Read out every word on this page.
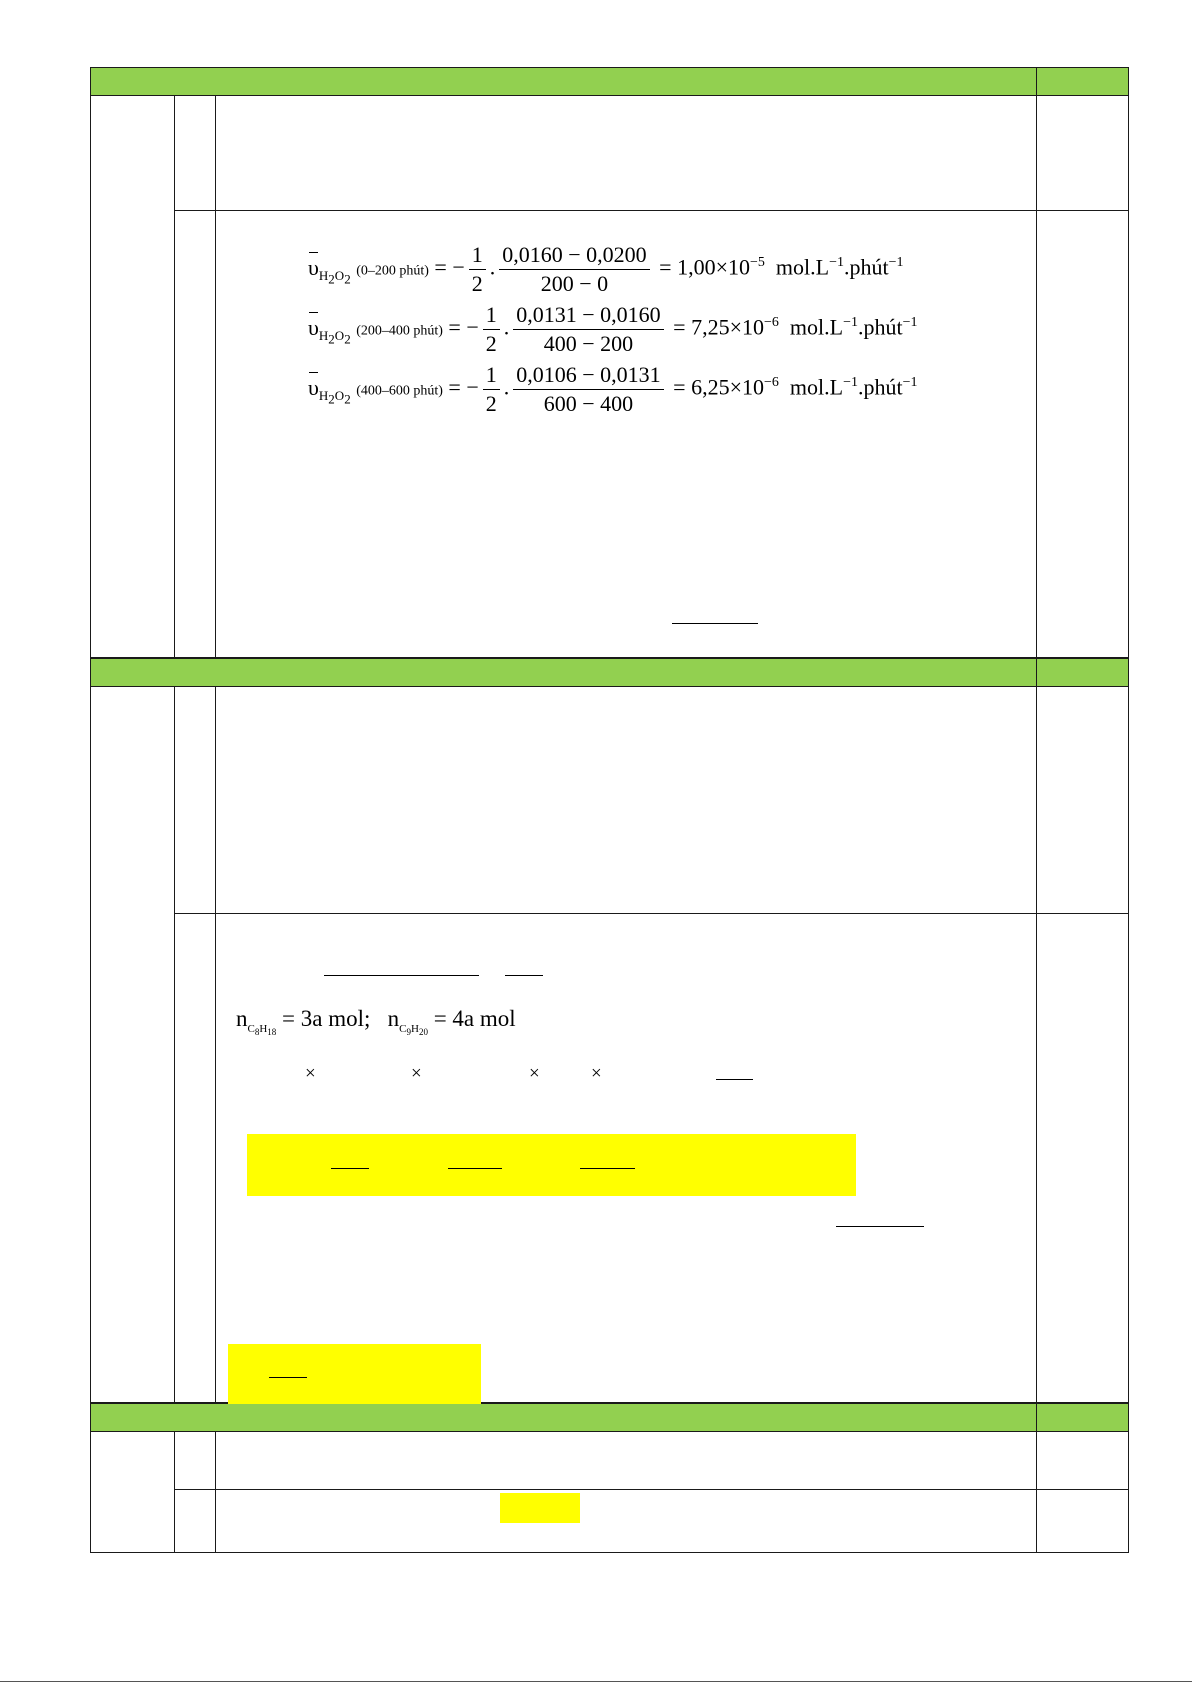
$\upsilon_{H_2O_2}$ (0–200 phút) = − $\frac{1}{2}$ . $\frac{0,0160 - 0,0200}{200 - 0} = 1,00\times 10^{-5}$ $mol.L^{-1}.phút^{-1}$
$\upsilon_{H_2O_2}$ (200–400 phút) = − $\frac{1}{2}$ . $\frac{0,0131 - 0,0160}{400 - 200} = 7,25\times 10^{-6}$ $mol.L^{-1}.phút^{-1}$
$\upsilon_{H_2O_2}$ (400–600 phút) = − $\frac{1}{2}$ . $\frac{0,0106 - 0,0131}{600 - 400} = 6,25\times 10^{-6}$ $mol.L^{-1}.phút^{-1}$
$n_{C_8H_{18}} = 3a$ mol; $n_{C_9H_{20}} = 4a$ mol
×	×	×	×
